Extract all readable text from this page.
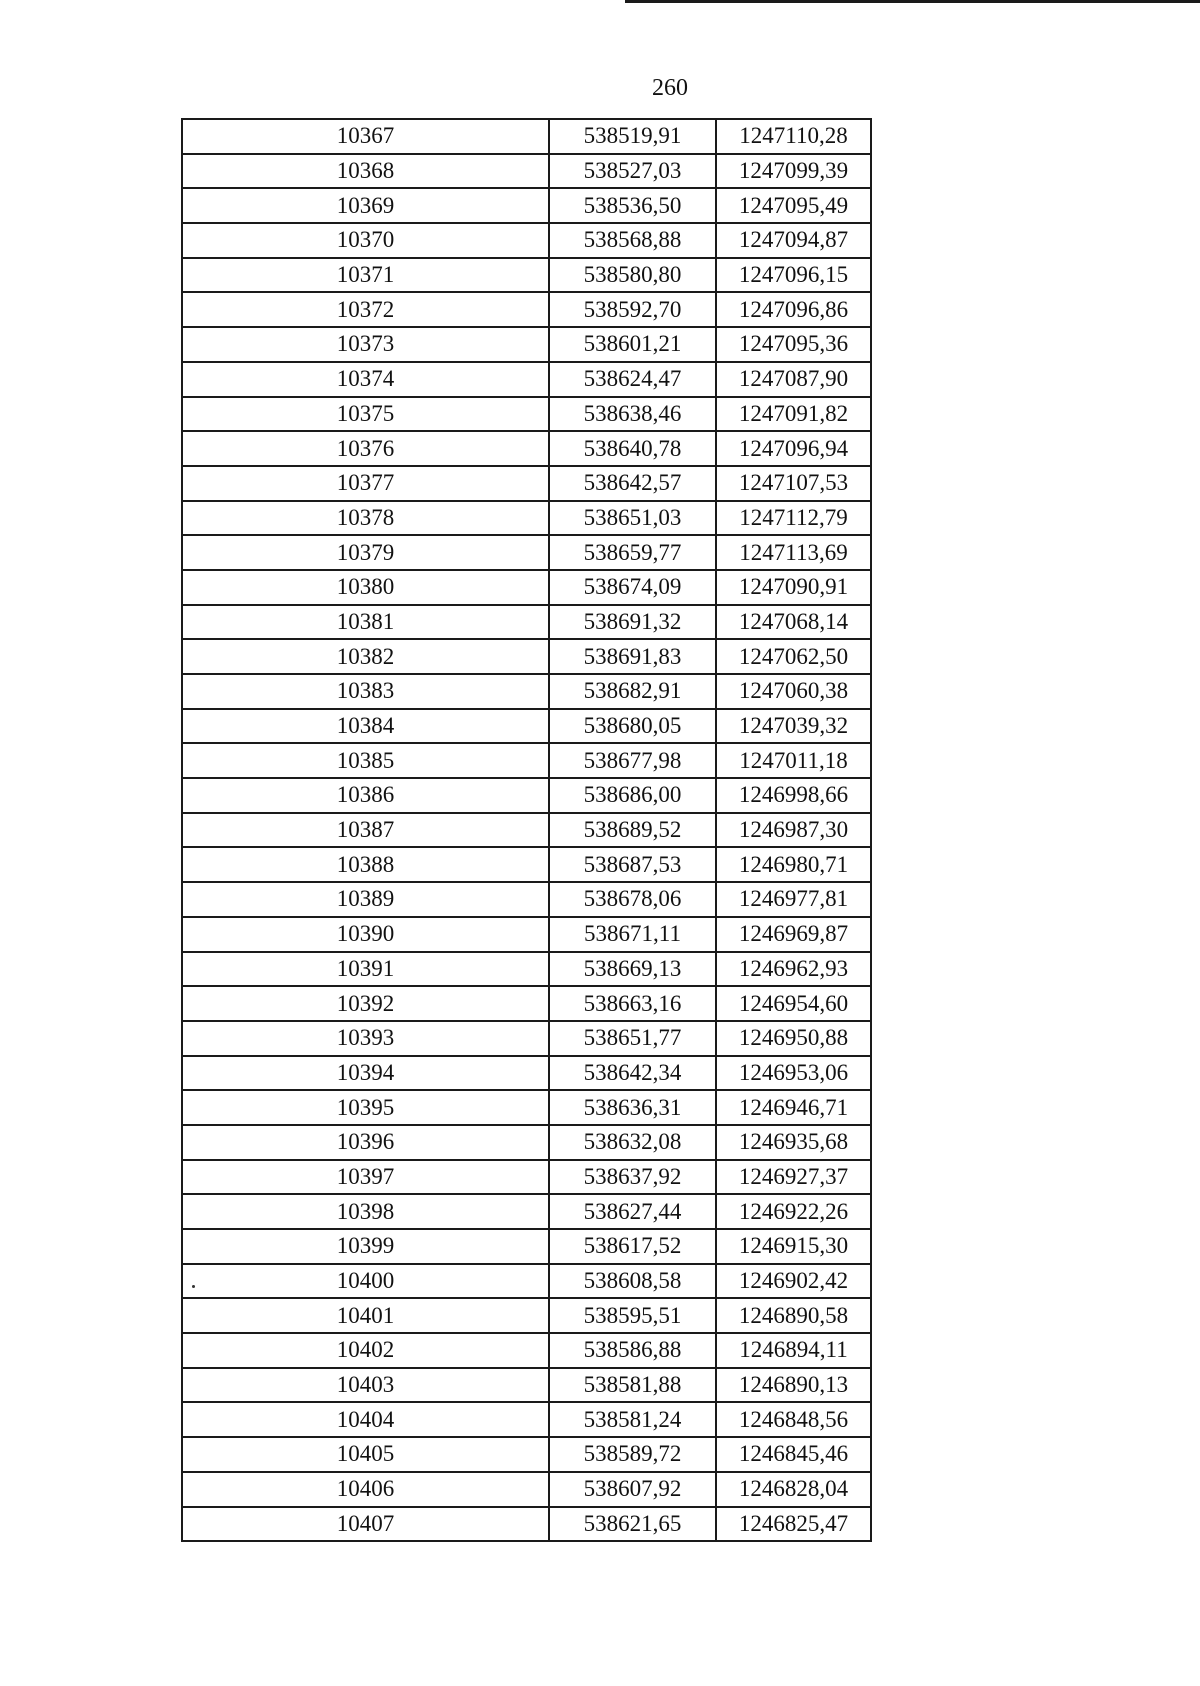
260
10367	538519,91	1247110,28
10368	538527,03	1247099,39
10369	538536,50	1247095,49
10370	538568,88	1247094,87
10371	538580,80	1247096,15
10372	538592,70	1247096,86
10373	538601,21	1247095,36
10374	538624,47	1247087,90
10375	538638,46	1247091,82
10376	538640,78	1247096,94
10377	538642,57	1247107,53
10378	538651,03	1247112,79
10379	538659,77	1247113,69
10380	538674,09	1247090,91
10381	538691,32	1247068,14
10382	538691,83	1247062,50
10383	538682,91	1247060,38
10384	538680,05	1247039,32
10385	538677,98	1247011,18
10386	538686,00	1246998,66
10387	538689,52	1246987,30
10388	538687,53	1246980,71
10389	538678,06	1246977,81
10390	538671,11	1246969,87
10391	538669,13	1246962,93
10392	538663,16	1246954,60
10393	538651,77	1246950,88
10394	538642,34	1246953,06
10395	538636,31	1246946,71
10396	538632,08	1246935,68
10397	538637,92	1246927,37
10398	538627,44	1246922,26
10399	538617,52	1246915,30
10400	538608,58	1246902,42
10401	538595,51	1246890,58
10402	538586,88	1246894,11
10403	538581,88	1246890,13
10404	538581,24	1246848,56
10405	538589,72	1246845,46
10406	538607,92	1246828,04
10407	538621,65	1246825,47
